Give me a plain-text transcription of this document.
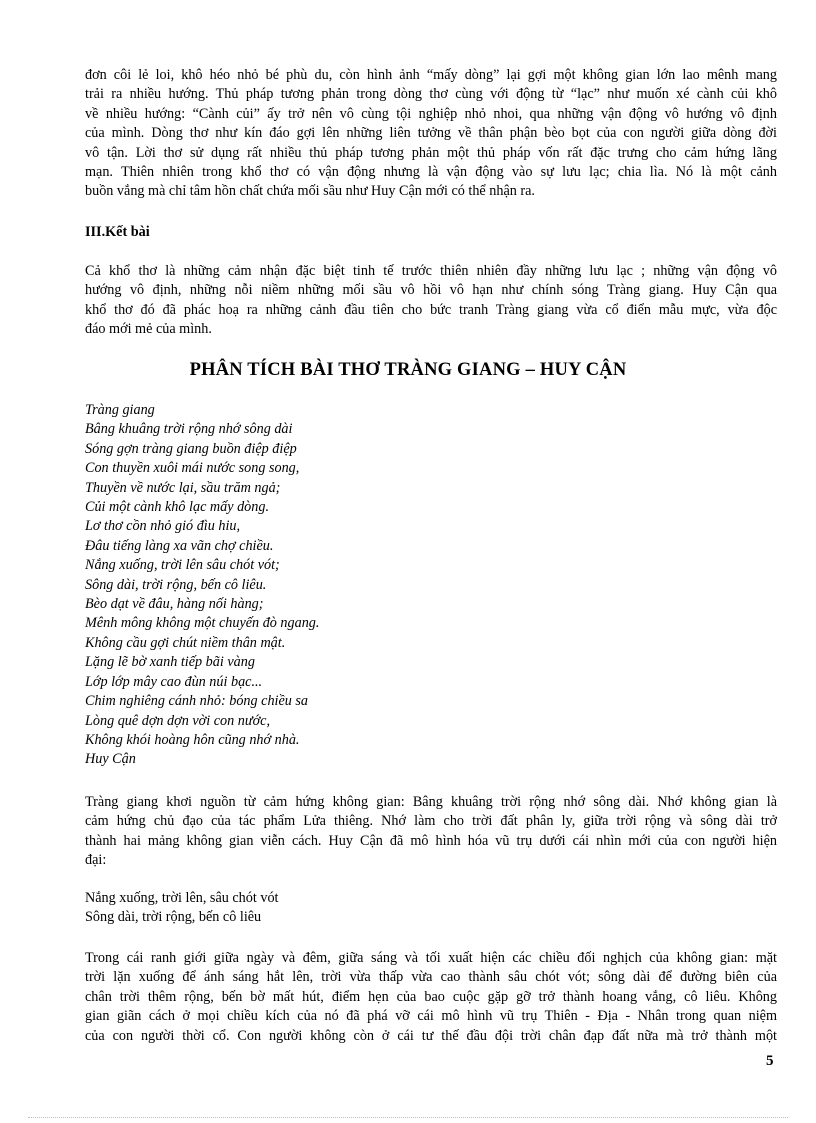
đơn côi lẻ loi, khô héo nhỏ bé phù du, còn hình ảnh “mấy dòng” lại gợi một không gian lớn lao mênh mang
trải ra nhiều hướng. Thủ pháp tương phản trong dòng thơ cùng với động từ “lạc” như muốn xé cành củi khô
về nhiều hướng: “Cành củi” ấy trở nên vô cùng tội nghiệp nhỏ nhoi, qua những vận động vô hướng vô định
của mình. Dòng thơ như kín đáo gợi lên những liên tưởng về thân phận bèo bọt của con người giữa dòng đời
vô tận. Lời thơ sử dụng rất nhiều thủ pháp tương phản một thủ pháp vốn rất đặc trưng cho cảm hứng lãng
mạn. Thiên nhiên trong khổ thơ có vận động nhưng là vận động vào sự lưu lạc; chia lìa. Nó là một cảnh
buồn vắng mà chỉ tâm hồn chất chứa mối sầu như Huy Cận mới có thể nhận ra.
III.Kết bài
Cả khổ thơ là những cảm nhận đặc biệt tinh tế trước thiên nhiên đầy những lưu lạc ; những vận động vô
hướng vô định, những nỗi niềm những mối sầu vô hồi vô hạn như chính sóng Tràng giang. Huy Cận qua
khổ thơ đó đã phác hoạ ra những cảnh đầu tiên cho bức tranh Tràng giang vừa cổ điển mẫu mực, vừa độc
đáo mới mẻ của mình.
PHÂN TÍCH BÀI THƠ TRÀNG GIANG – HUY CẬN
Tràng giang
Bâng khuâng trời rộng nhớ sông dài
Sóng gợn tràng giang buồn điệp điệp
Con thuyền xuôi mái nước song song,
Thuyền về nước lại, sầu trăm ngả;
Củi một cành khô lạc mấy dòng.
Lơ thơ cồn nhỏ gió đìu hiu,
Đâu tiếng làng xa vãn chợ chiều.
Nắng xuống, trời lên sâu chót vót;
Sông dài, trời rộng, bến cô liêu.
Bèo dạt về đâu, hàng nối hàng;
Mênh mông không một chuyến đò ngang.
Không cầu gợi chút niềm thân mật.
Lặng lẽ bờ xanh tiếp bãi vàng
Lớp lớp mây cao đùn núi bạc...
Chim nghiêng cánh nhỏ: bóng chiều sa
Lòng quê dợn dợn vời con nước,
Không khói hoàng hôn cũng nhớ nhà.
Huy Cận
Tràng giang khơi nguồn từ cảm hứng không gian: Bâng khuâng trời rộng nhớ sông dài. Nhớ không gian là
cảm hứng chủ đạo của tác phẩm Lửa thiêng. Nhớ làm cho trời đất phân ly, giữa trời rộng và sông dài trở
thành hai mảng không gian viễn cách. Huy Cận đã mô hình hóa vũ trụ dưới cái nhìn mới của con người hiện
đại:
Nắng xuống, trời lên, sâu chót vót
Sông dài, trời rộng, bến cô liêu
Trong cái ranh giới giữa ngày và đêm, giữa sáng và tối xuất hiện các chiều đối nghịch của không gian: mặt
trời lặn xuống để ánh sáng hắt lên, trời vừa thấp vừa cao thành sâu chót vót; sông dài để đường biên của
chân trời thêm rộng, bến bờ mất hút, điểm hẹn của bao cuộc gặp gỡ trở thành hoang vắng, cô liêu. Không
gian giãn cách ở mọi chiều kích của nó đã phá vỡ cái mô hình vũ trụ Thiên - Địa - Nhân trong quan niệm
của con người thời cổ. Con người không còn ở cái tư thế đầu đội trời chân đạp đất nữa mà trở thành một
5
